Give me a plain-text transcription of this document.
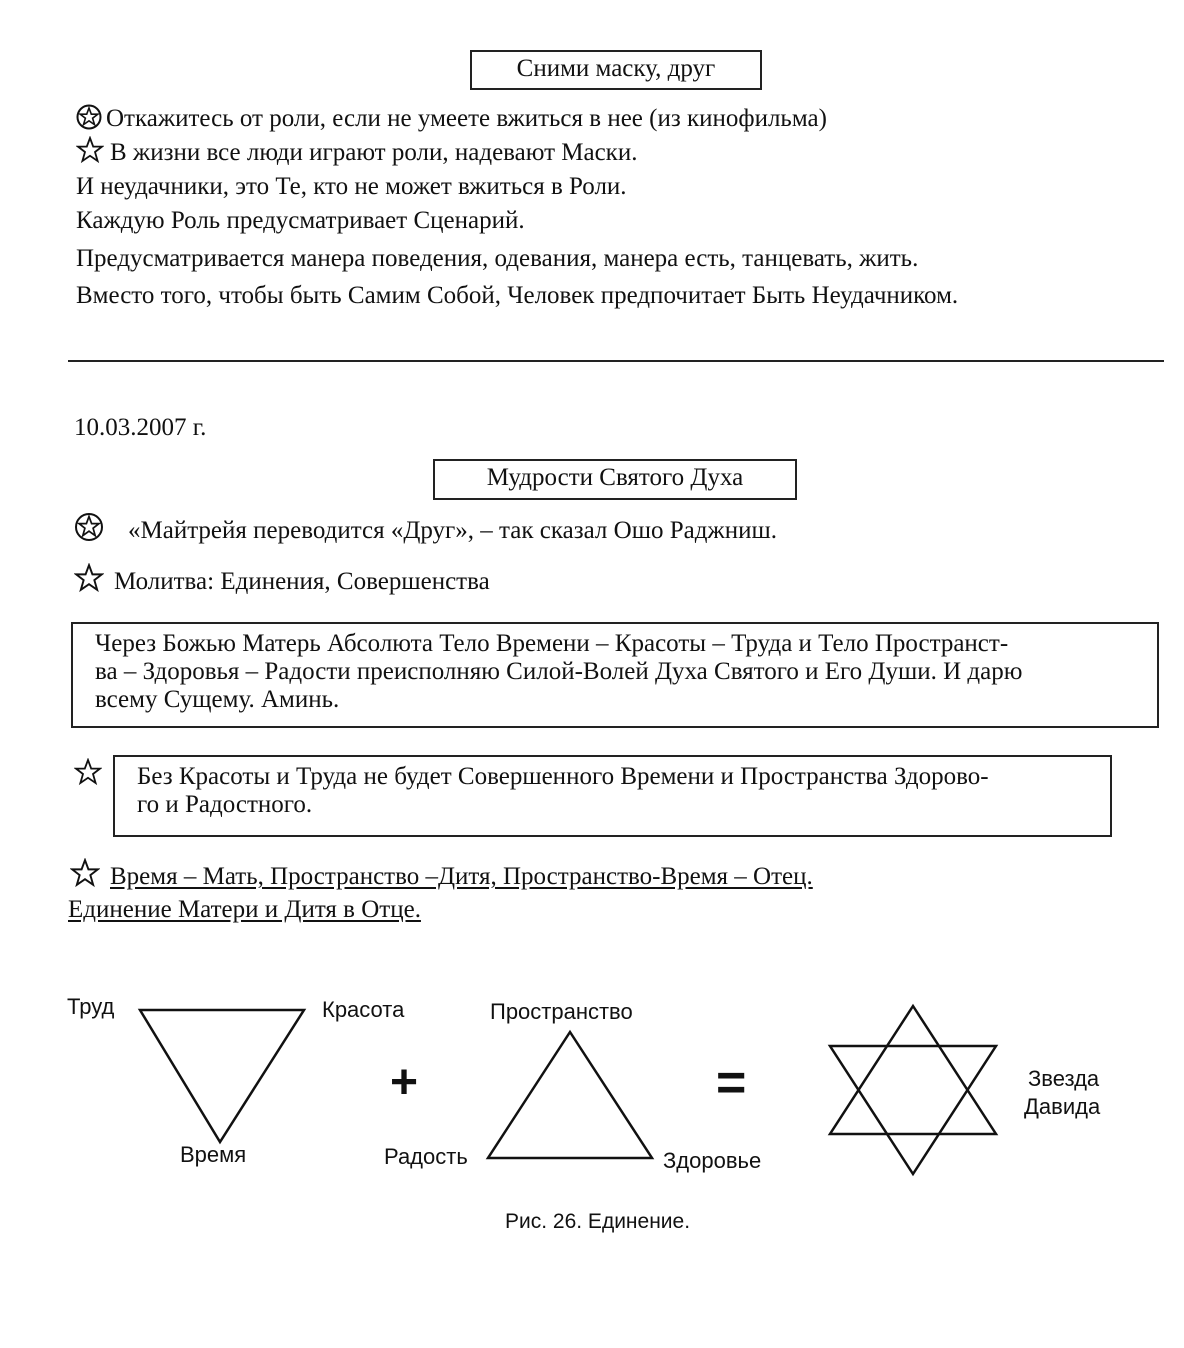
Сними маску, друг
Откажитесь от роли, если не умеете вжиться в нее (из кинофильма)
В жизни все люди играют роли, надевают Маски.
И неудачники, это Те, кто не может вжиться в Роли.
Каждую Роль предусматривает Сценарий.
Предусматривается манера поведения, одевания, манера есть, танцевать, жить.
Вместо того, чтобы быть Самим Собой, Человек предпочитает Быть Неудачником.
10.03.2007 г.
Мудрости Святого Духа
«Майтрейя переводится «Друг», – так сказал Ошо Раджниш.
Молитва: Единения, Совершенства
Через Божью Матерь Абсолюта Тело Времени – Красоты – Труда и Тело Пространст-
ва – Здоровья – Радости преисполняю Силой-Волей Духа Святого и Его Души. И дарю
всему Сущему. Аминь.
Без Красоты и Труда не будет Совершенного Времени и Пространства Здорово-
го и Радостного.
Время – Мать, Пространство –Дитя, Пространство-Время – Отец.
Единение Матери и Дитя в Отце.
Труд	Красота
Время
+
Пространство
Радость	Здоровье
=	Звезда
Давида
Рис. 26. Единение.
